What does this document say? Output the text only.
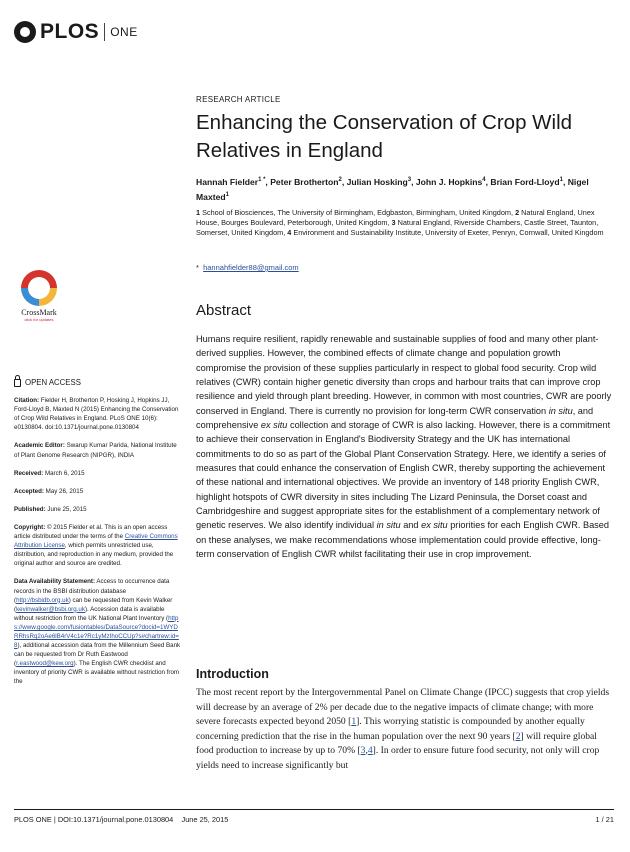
PLOS ONE
RESEARCH ARTICLE
Enhancing the Conservation of Crop Wild Relatives in England
Hannah Fielder$^{1 *}$, Peter Brotherton$^2$, Julian Hosking$^3$, John J. Hopkins$^4$, Brian Ford-Lloyd$^1$, Nigel Maxted$^1$
1 School of Biosciences, The University of Birmingham, Edgbaston, Birmingham, United Kingdom, 2 Natural England, Unex House, Bourges Boulevard, Peterborough, United Kingdom, 3 Natural England, Riverside Chambers, Castle Street, Taunton, Somerset, United Kingdom, 4 Environment and Sustainability Institute, University of Exeter, Penryn, Cornwall, United Kingdom
* hannahfielder88@gmail.com
CrossMark
click for updates
Abstract
Humans require resilient, rapidly renewable and sustainable supplies of food and many other plant-derived supplies. However, the combined effects of climate change and population growth compromise the provision of these supplies particularly in respect to global food security. Crop wild relatives (CWR) contain higher genetic diversity than crops and harbour traits that can improve crop resilience and yield through plant breeding. However, in common with most countries, CWR are poorly conserved in England. There is currently no provision for long-term CWR conservation in situ, and comprehensive ex situ collection and storage of CWR is also lacking. However, there is a commitment to achieve their conservation in England's Biodiversity Strategy and the UK has international commitments to do so as part of the Global Plant Conservation Strategy. Here, we identify a series of measures that could enhance the conservation of English CWR, thereby supporting the achievement of these national and international objectives. We provide an inventory of 148 priority English CWR, highlight hotspots of CWR diversity in sites including The Lizard Peninsula, the Dorset coast and Cambridgeshire and suggest appropriate sites for the establishment of a complementary network of genetic reserves. We also identify individual in situ and ex situ priorities for each English CWR. Based on these analyses, we make recommendations whose implementation could provide effective, long-term conservation of English CWR whilst facilitating their use in crop improvement.
OPEN ACCESS

Citation: Fielder H, Brotherton P, Hosking J, Hopkins JJ, Ford-Lloyd B, Maxted N (2015) Enhancing the Conservation of Crop Wild Relatives in England. PLoS ONE 10(6): e0130804. doi:10.1371/journal.pone.0130804

Academic Editor: Swarup Kumar Parida, National Institute of Plant Genome Research (NIPGR), INDIA

Received: March 6, 2015

Accepted: May 26, 2015

Published: June 25, 2015

Copyright: © 2015 Fielder et al. This is an open access article distributed under the terms of the Creative Commons Attribution License, which permits unrestricted use, distribution, and reproduction in any medium, provided the original author and source are credited.

Data Availability Statement: Access to occurrence data records in the BSBI distribution database (http://bsbidb.org.uk) can be requested from Kevin Walker (kevinwalker@bsbi.org.uk). Accession data is available without restriction from the UK National Plant Inventory (https://www.google.com/fusiontables/DataSource?docid=1WYDRRhsRq2oAe6lB4rV4c1e?Rc1yMzIhoCCUp?s#chartrew:id=8), additional accession data from the Millennium Seed Bank can be requested from Dr Ruth Eastwood (r.eastwood@kew.org). The English CWR checklist and inventory of priority CWR is available without restriction from the

Introduction
The most recent report by the Intergovernmental Panel on Climate Change (IPCC) suggests that crop yields will decrease by an average of 2% per decade due to the negative impacts of climate change; with more severe forecasts expected beyond 2050 [1]. This worrying statistic is compounded by another equally concerning prediction that the rise in the human population over the next 90 years [2] will require global food production to increase by up to 70% [3,4]. In order to ensure future food security, not only will crop yields need to increase significantly but
PLOS ONE | DOI:10.1371/journal.pone.0130804    June 25, 2015	1 / 21
